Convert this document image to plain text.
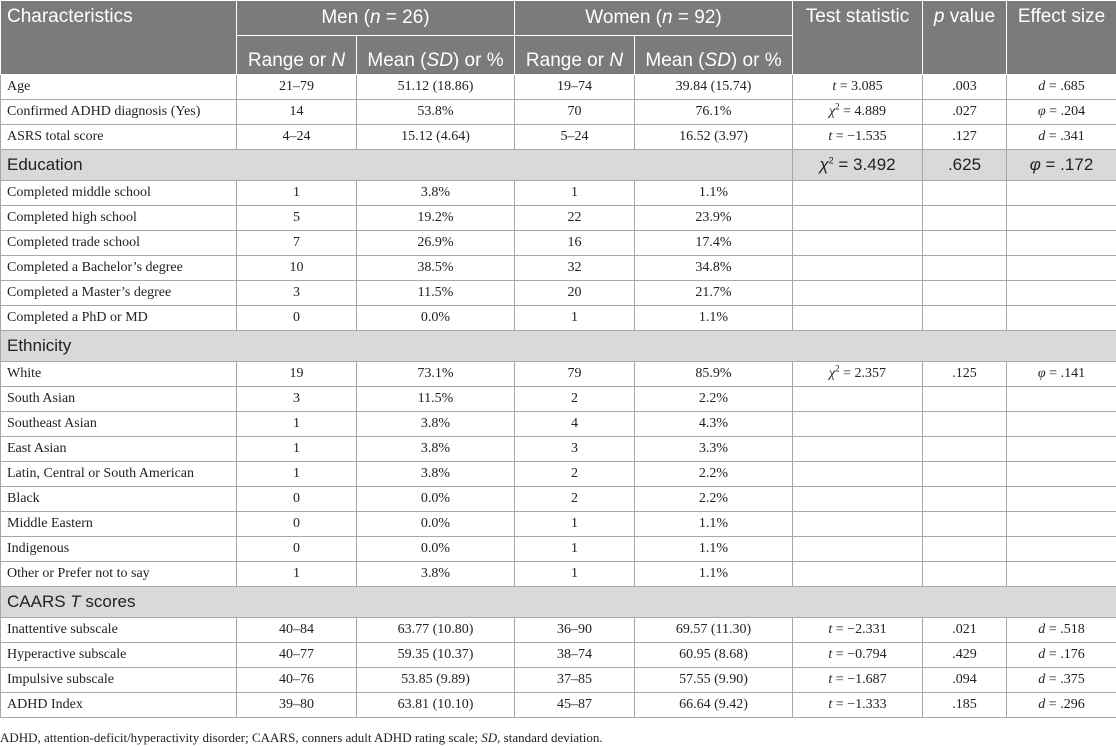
Characteristics	Men (n = 26)		Women (n = 92)		Test statistic	p value	Effect size
	Range or N	Mean (SD) or %	Range or N	Mean (SD) or %			
Age	21–79	51.12 (18.86)	19–74	39.84 (15.74)	t = 3.085	.003	d = .685
Confirmed ADHD diagnosis (Yes)	14	53.8%	70	76.1%	$\chi^2 = 4.889$	.027	φ = .204
ASRS total score	4–24	15.12 (4.64)	5–24	16.52 (3.97)	t = −1.535	.127	d = .341
Education					$\chi^2 = 3.492$	.625	φ = .172
Completed middle school	1	3.8%	1	1.1%			
Completed high school	5	19.2%	22	23.9%			
Completed trade school	7	26.9%	16	17.4%			
Completed a Bachelor’s degree	10	38.5%	32	34.8%			
Completed a Master’s degree	3	11.5%	20	21.7%			
Completed a PhD or MD	0	0.0%	1	1.1%			
Ethnicity							
White	19	73.1%	79	85.9%	$\chi^2 = 2.357$	.125	φ = .141
South Asian	3	11.5%	2	2.2%			
Southeast Asian	1	3.8%	4	4.3%			
East Asian	1	3.8%	3	3.3%			
Latin, Central or South American	1	3.8%	2	2.2%			
Black	0	0.0%	2	2.2%			
Middle Eastern	0	0.0%	1	1.1%			
Indigenous	0	0.0%	1	1.1%			
Other or Prefer not to say	1	3.8%	1	1.1%			
CAARS T scores							
Inattentive subscale	40–84	63.77 (10.80)	36–90	69.57 (11.30)	t = −2.331	.021	d = .518
Hyperactive subscale	40–77	59.35 (10.37)	38–74	60.95 (8.68)	t = −0.794	.429	d = .176
Impulsive subscale	40–76	53.85 (9.89)	37–85	57.55 (9.90)	t = −1.687	.094	d = .375
ADHD Index	39–80	63.81 (10.10)	45–87	66.64 (9.42)	t = −1.333	.185	d = .296
ADHD, attention-deficit/hyperactivity disorder; CAARS, conners adult ADHD rating scale; SD, standard deviation.
